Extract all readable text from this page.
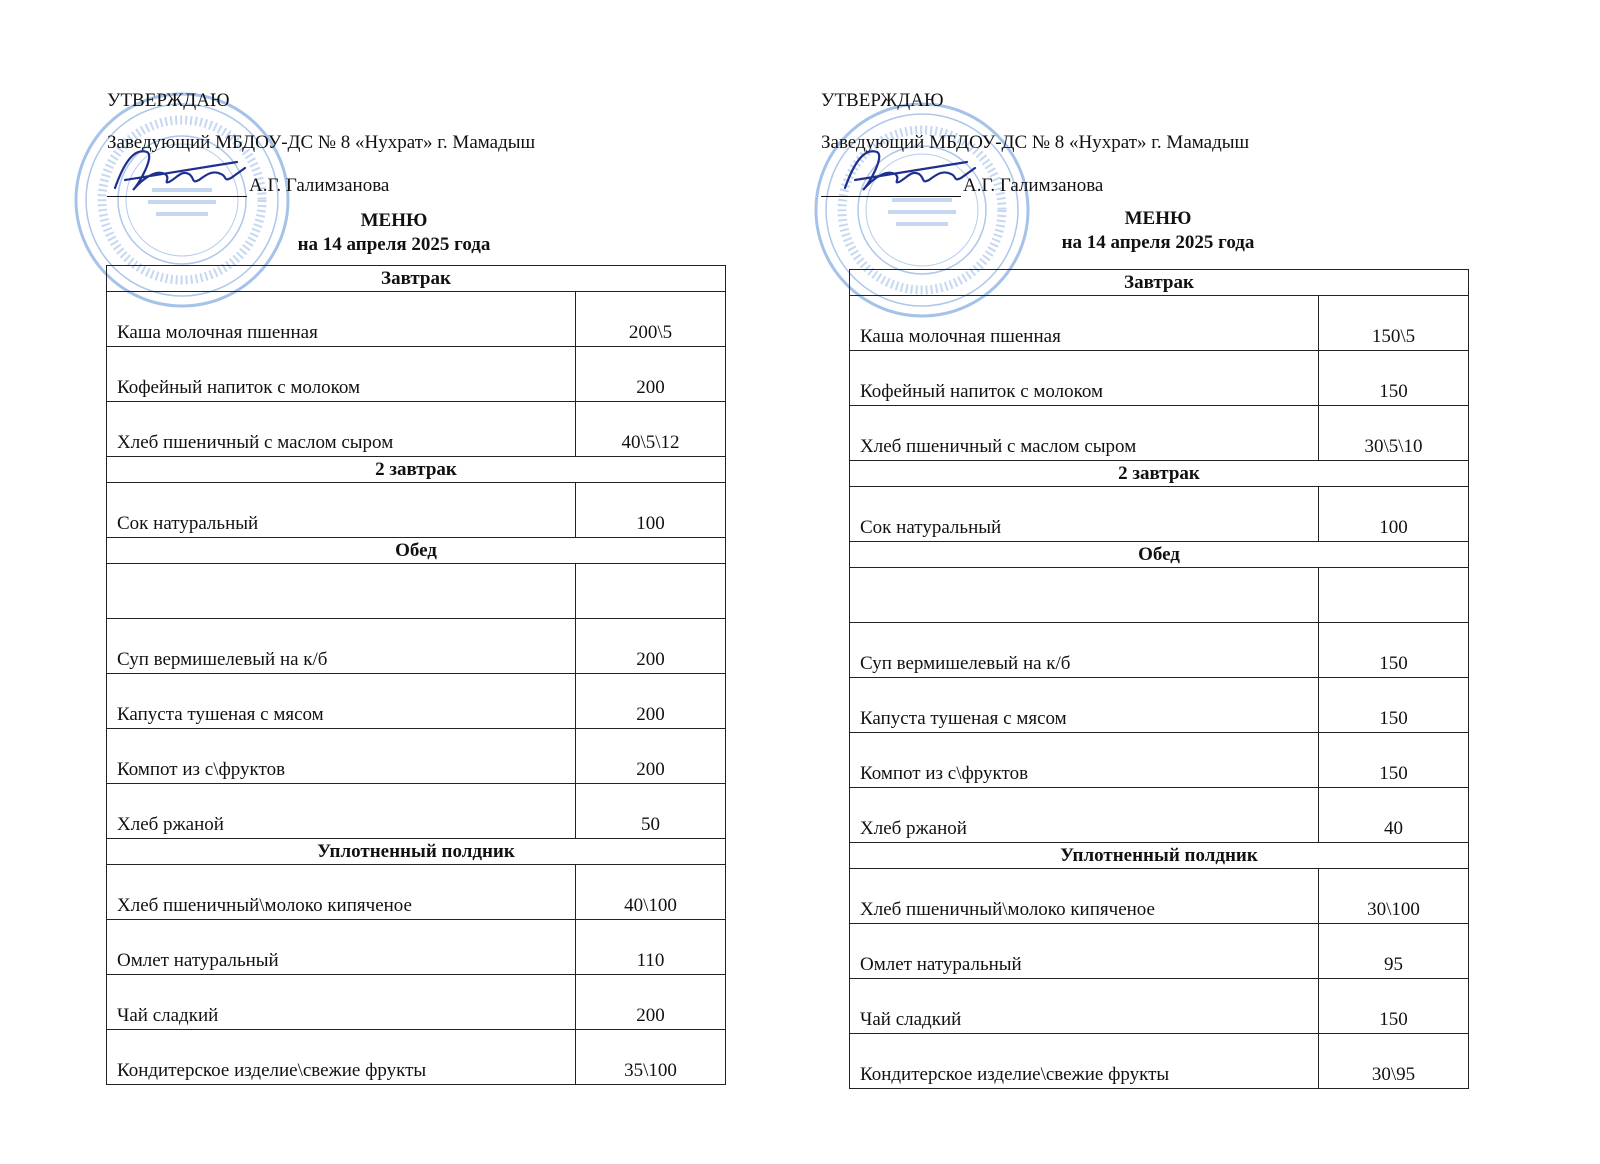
УТВЕРЖДАЮ
Заведующий МБДОУ-ДС № 8 «Нухрат» г. Мамадыш
А.Г. Галимзанова
МЕНЮ
на 14 апреля 2025 года
Завтрак	
Каша молочная пшенная	200\5
Кофейный напиток с молоком	200
Хлеб пшеничный с маслом сыром	40\5\12
2 завтрак	
Сок натуральный	100
Обед	

Суп вермишелевый на к/б	200
Капуста тушеная с мясом	200
Компот из с\фруктов	200
Хлеб ржаной	50
Уплотненный полдник	
Хлеб пшеничный\молоко кипяченое	40\100
Омлет натуральный	110
Чай сладкий	200
Кондитерское изделие\свежие фрукты	35\100
УТВЕРЖДАЮ
Заведующий МБДОУ-ДС № 8 «Нухрат» г. Мамадыш
А.Г. Галимзанова
МЕНЮ
на 14 апреля 2025 года
Завтрак	
Каша молочная пшенная	150\5
Кофейный напиток с молоком	150
Хлеб пшеничный с маслом сыром	30\5\10
2 завтрак	
Сок натуральный	100
Обед	

Суп вермишелевый на к/б	150
Капуста тушеная с мясом	150
Компот из с\фруктов	150
Хлеб ржаной	40
Уплотненный полдник	
Хлеб пшеничный\молоко кипяченое	30\100
Омлет натуральный	95
Чай сладкий	150
Кондитерское изделие\свежие фрукты	30\95
